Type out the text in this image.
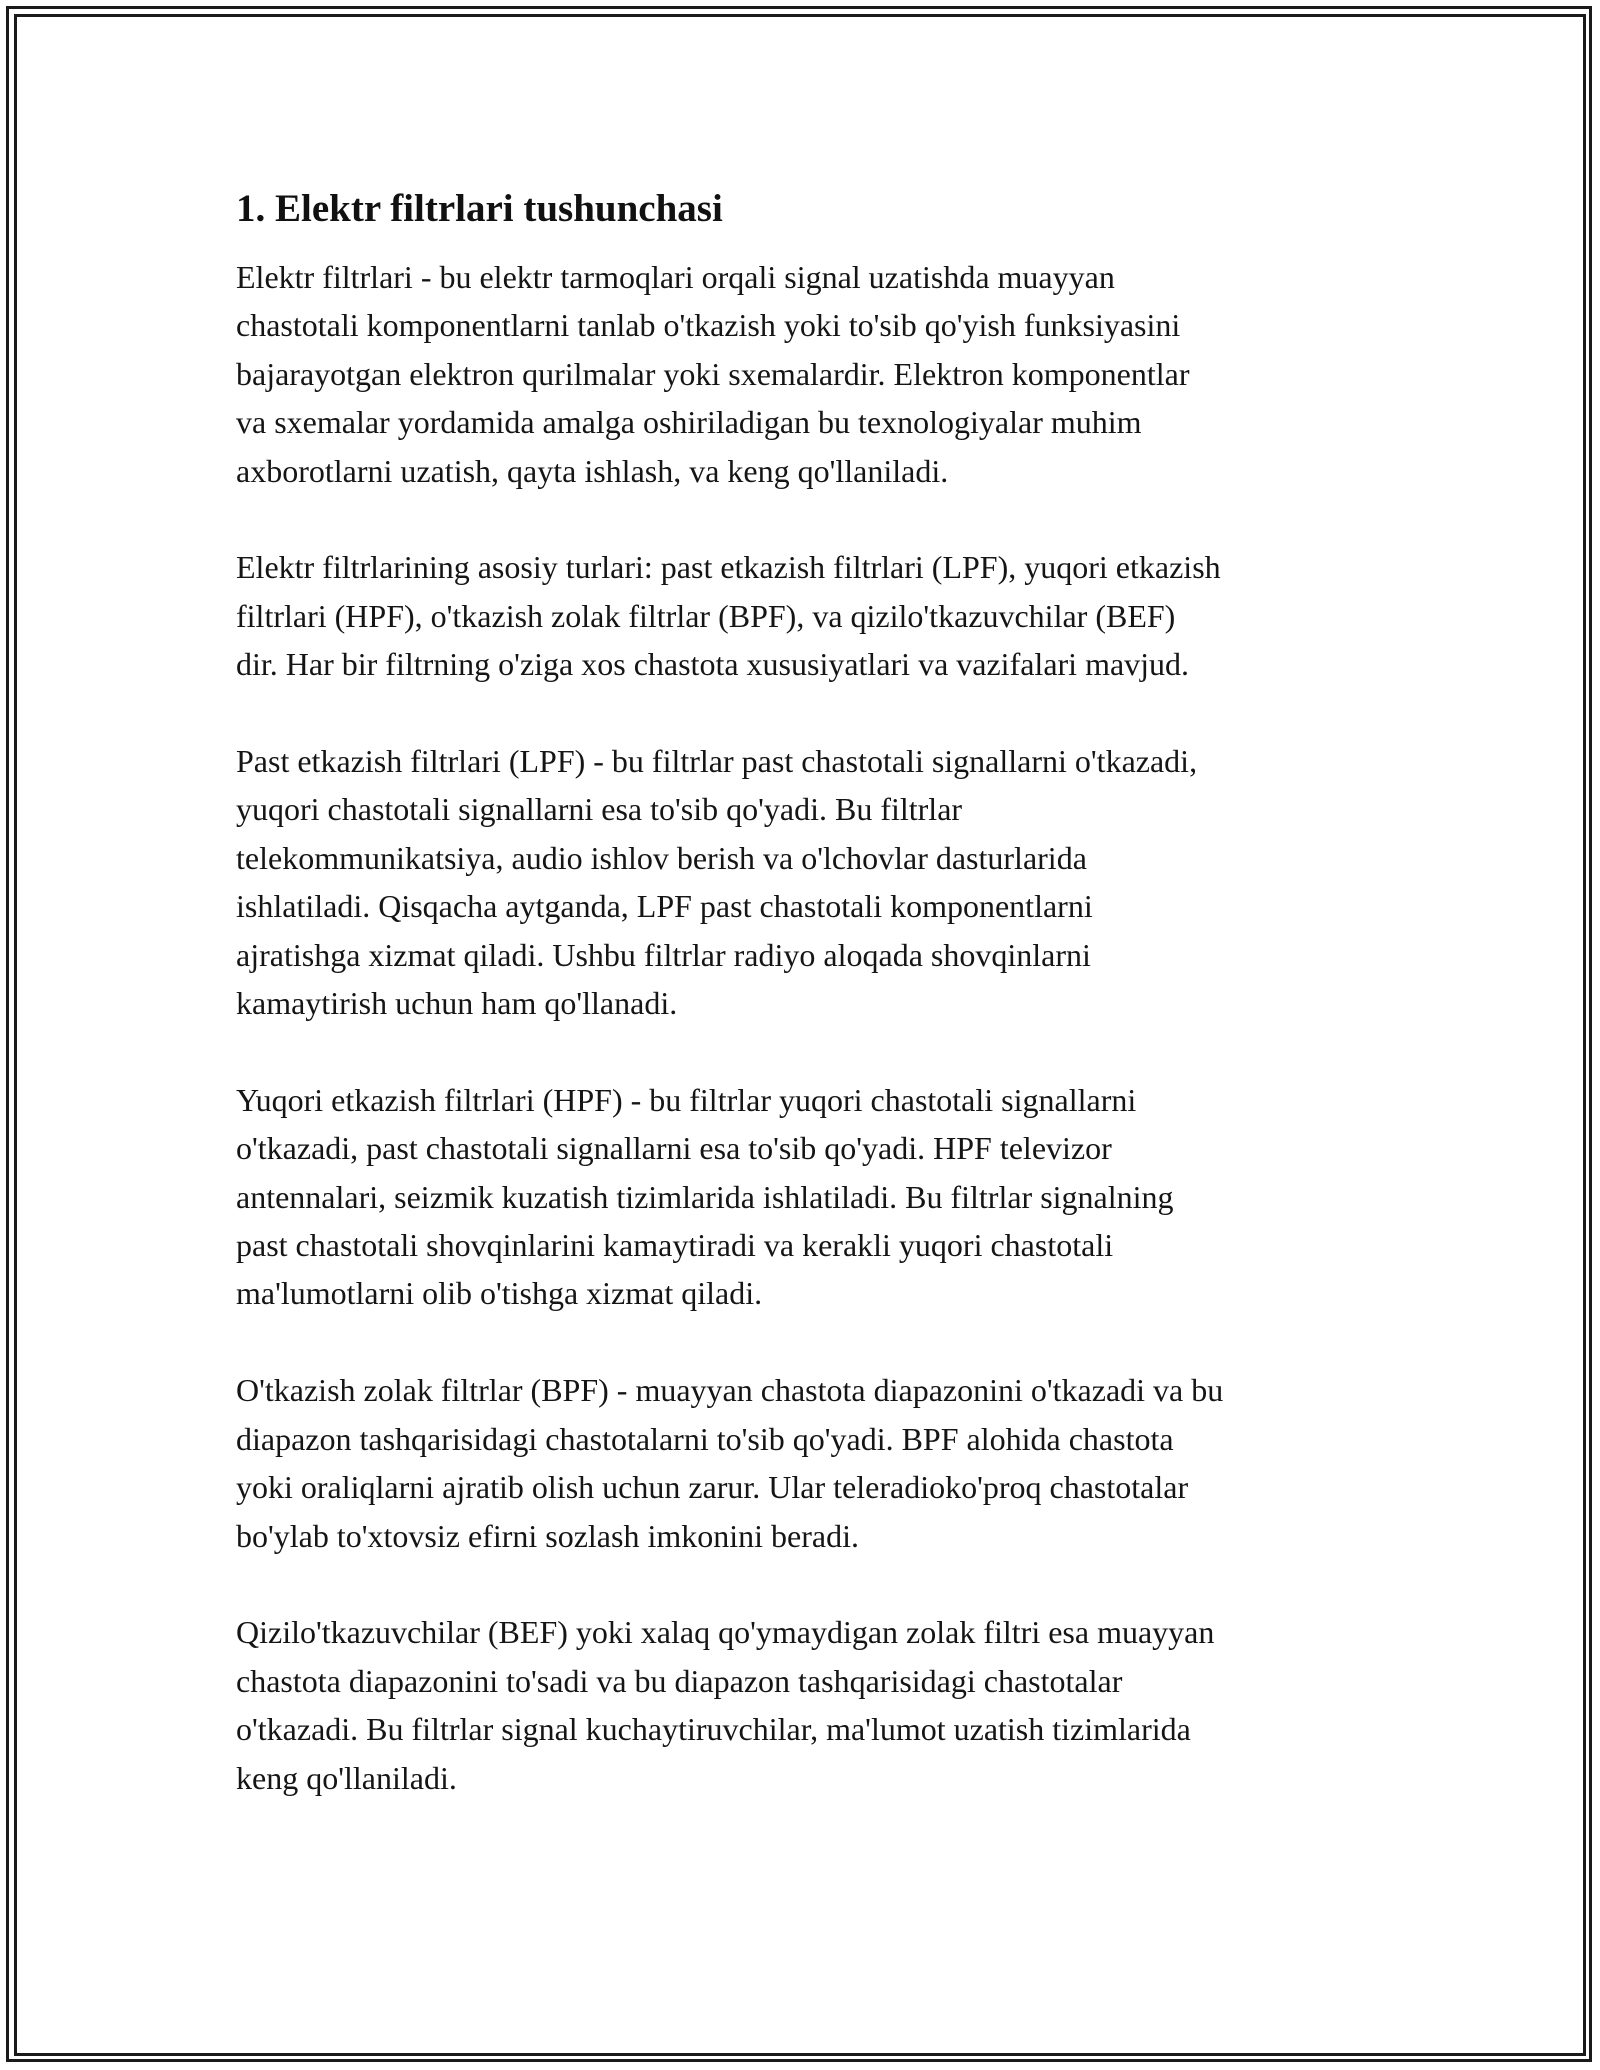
1. Elektr filtrlari tushunchasi

Elektr filtrlari - bu elektr tarmoqlari orqali signal uzatishda muayyan
chastotali komponentlarni tanlab o'tkazish yoki to'sib qo'yish funksiyasini
bajarayotgan elektron qurilmalar yoki sxemalardir. Elektron komponentlar
va sxemalar yordamida amalga oshiriladigan bu texnologiyalar muhim
axborotlarni uzatish, qayta ishlash, va keng qo'llaniladi.

Elektr filtrlarining asosiy turlari: past etkazish filtrlari (LPF), yuqori etkazish
filtrlari (HPF), o'tkazish zolak filtrlar (BPF), va qizilo'tkazuvchilar (BEF)
dir. Har bir filtrning o'ziga xos chastota xususiyatlari va vazifalari mavjud.

Past etkazish filtrlari (LPF) - bu filtrlar past chastotali signallarni o'tkazadi,
yuqori chastotali signallarni esa to'sib qo'yadi. Bu filtrlar
telekommunikatsiya, audio ishlov berish va o'lchovlar dasturlarida
ishlatiladi. Qisqacha aytganda, LPF past chastotali komponentlarni
ajratishga xizmat qiladi. Ushbu filtrlar radiyo aloqada shovqinlarni
kamaytirish uchun ham qo'llanadi.

Yuqori etkazish filtrlari (HPF) - bu filtrlar yuqori chastotali signallarni
o'tkazadi, past chastotali signallarni esa to'sib qo'yadi. HPF televizor
antennalari, seizmik kuzatish tizimlarida ishlatiladi. Bu filtrlar signalning
past chastotali shovqinlarini kamaytiradi va kerakli yuqori chastotali
ma'lumotlarni olib o'tishga xizmat qiladi.

O'tkazish zolak filtrlar (BPF) - muayyan chastota diapazonini o'tkazadi va bu
diapazon tashqarisidagi chastotalarni to'sib qo'yadi. BPF alohida chastota
yoki oraliqlarni ajratib olish uchun zarur. Ular teleradioko'proq chastotalar
bo'ylab to'xtovsiz efirni sozlash imkonini beradi.

Qizilo'tkazuvchilar (BEF) yoki xalaq qo'ymaydigan zolak filtri esa muayyan
chastota diapazonini to'sadi va bu diapazon tashqarisidagi chastotalar
o'tkazadi. Bu filtrlar signal kuchaytiruvchilar, ma'lumot uzatish tizimlarida
keng qo'llaniladi.
